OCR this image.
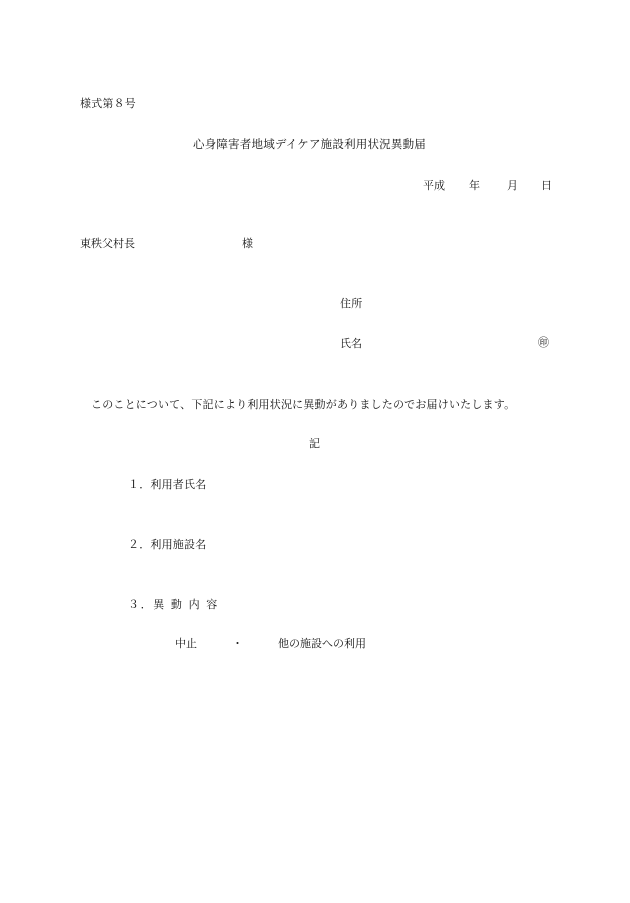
様式第８号
心身障害者地域デイケア施設利用状況異動届
平成 年 月 日
東秩父村長	様
住所
氏名	㊞
このことについて、下記により利用状況に異動がありましたのでお届けいたします。
記
１．利用者氏名
２．利用施設名
３．異 動 内 容
中止	・	他の施設への利用
